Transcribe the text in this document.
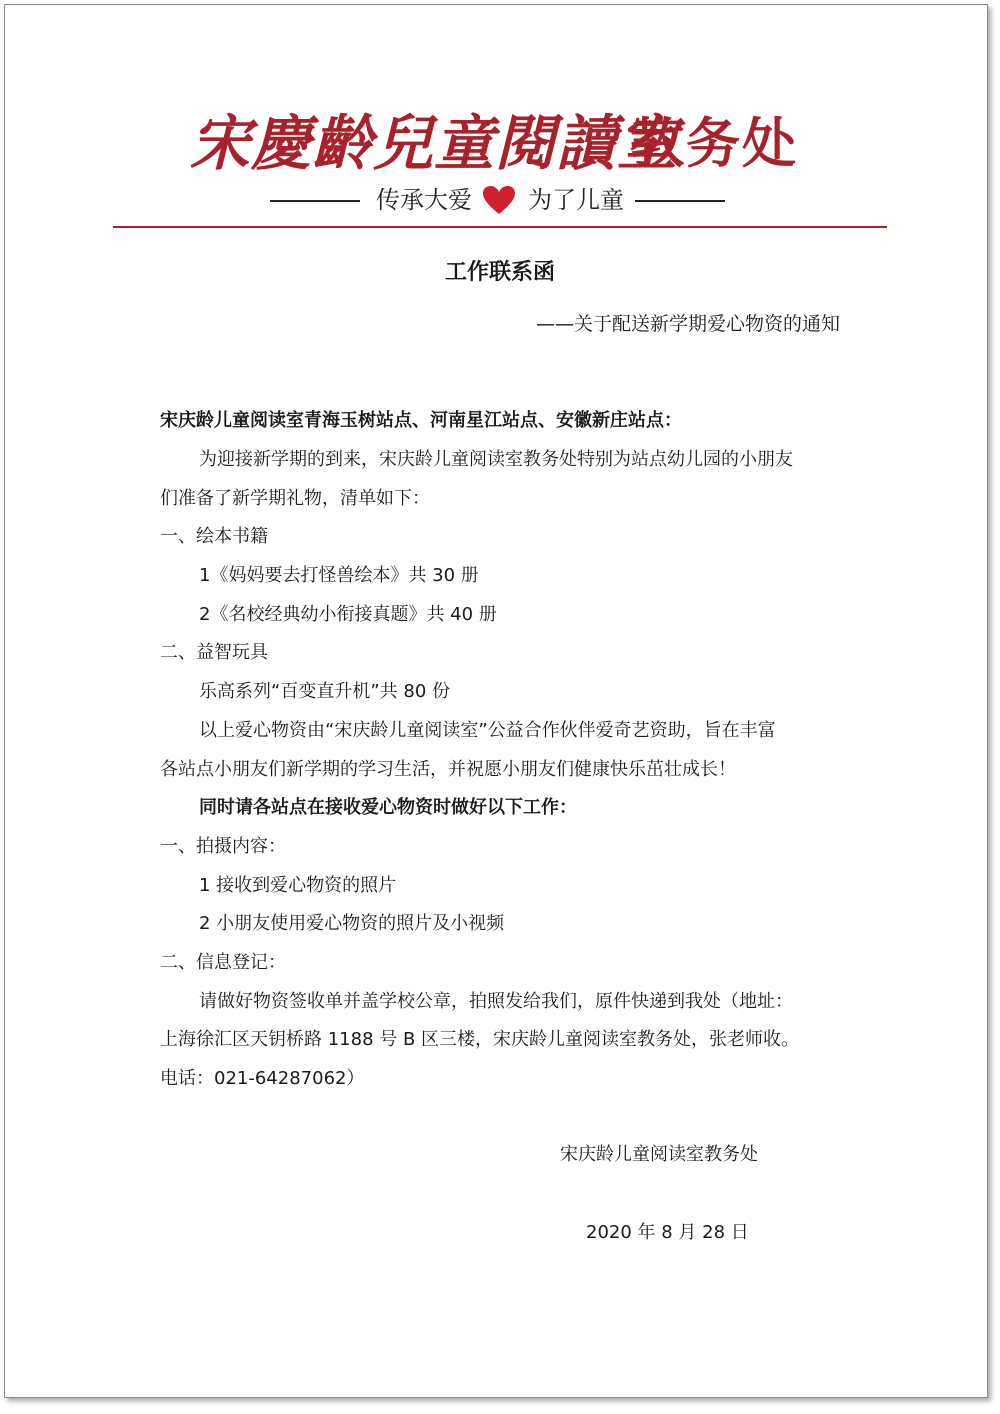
宋慶齡兒童閱讀室
教务处
传承大爱 为了儿童
工作联系函
——关于配送新学期爱心物资的通知
宋庆龄儿童阅读室青海玉树站点、河南星江站点、安徽新庄站点：
为迎接新学期的到来，宋庆龄儿童阅读室教务处特别为站点幼儿园的小朋友
们准备了新学期礼物，清单如下：
一、绘本书籍
1《妈妈要去打怪兽绘本》共 30 册
2《名校经典幼小衔接真题》共 40 册
二、益智玩具
乐高系列“百变直升机”共 80 份
以上爱心物资由“宋庆龄儿童阅读室”公益合作伙伴爱奇艺资助，旨在丰富
各站点小朋友们新学期的学习生活，并祝愿小朋友们健康快乐茁壮成长！
同时请各站点在接收爱心物资时做好以下工作：
一、拍摄内容：
1 接收到爱心物资的照片
2 小朋友使用爱心物资的照片及小视频
二、信息登记：
请做好物资签收单并盖学校公章，拍照发给我们，原件快递到我处（地址：
上海徐汇区天钥桥路 1188 号 B 区三楼，宋庆龄儿童阅读室教务处，张老师收。
电话：021-64287062）
宋庆龄儿童阅读室教务处
2020 年 8 月 28 日
